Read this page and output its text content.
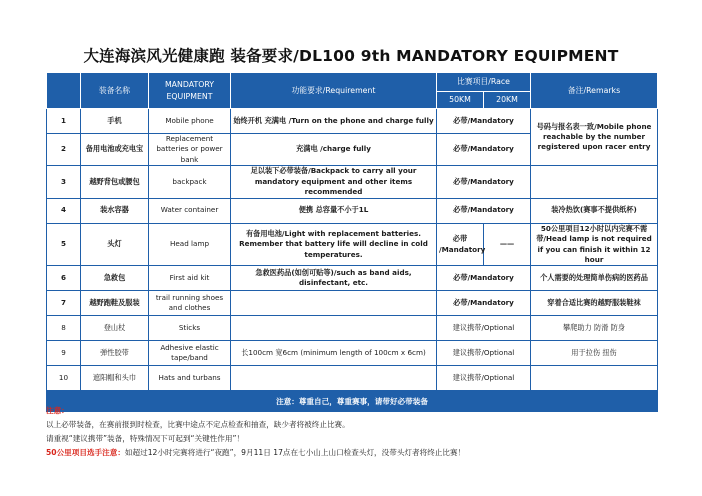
大连海滨风光健康跑 装备要求/DL100 9th MANDATORY EQUIPMENT
	装备名称	MANDATORY EQUIPMENT	功能要求/Requirement	比赛项目/Race		备注/Remarks
				50KM	20KM	
1	手机	Mobile phone	始终开机 充满电 /Turn on the phone and charge fully	必带/Mandatory		号码与报名表一致/Mobile phone reachable by the number registered upon racer entry
2	备用电池或充电宝	Replacement batteries or power bank	充满电 /charge fully	必带/Mandatory		
3	越野背包或腰包	backpack	足以装下必带装备/Backpack to carry all your mandatory equipment and other items recommended	必带/Mandatory		
4	装水容器	Water container	便携 总容量不小于1L	必带/Mandatory		装冷热饮(赛事不提供纸杯)
5	头灯	Head lamp	有备用电池/Light with replacement batteries. Remember that battery life will decline in cold temperatures.	必带 /Mandatory	——	50公里项目12小时以内完赛不需带/Head lamp is not required if you can finish it within 12 hour
6	急救包	First aid kit	急救医药品(如创可贴等)/such as band aids, disinfectant, etc.	必带/Mandatory		个人需要的处理简单伤病的医药品
7	越野跑鞋及服装	trail running shoes and clothes		必带/Mandatory		穿着合适比赛的越野服装鞋袜
8	登山杖	Sticks		建议携带/Optional		攀爬助力 防滑 防身
9	弹性胶带	Adhesive elastic tape/band	长100cm 宽6cm (minimum length of 100cm x 6cm)	建议携带/Optional		用于拉伤 扭伤
10	遮阳帽和头巾	Hats and turbans		建议携带/Optional		
注意：尊重自己，尊重赛事，请带好必带装备						

注意：

以上必带装备，在赛前报到时检查，比赛中途点不定点检查和抽查，缺少者将被终止比赛。

请重视“建议携带”装备，特殊情况下可起到“关键性作用”！

50公里项目选手注意：如超过12小时完赛将进行“夜跑”，9月11日 17点在七小山上山口检查头灯，没带头灯者将终止比赛！
